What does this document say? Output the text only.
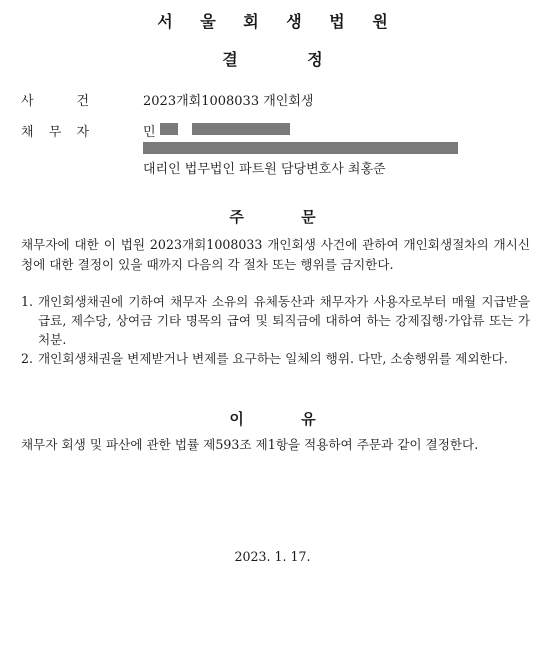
서 울 회 생 법 원
결 정
사	건	2023개회1008033 개인회생
채 무 자	민
대리인 법무법인 파트원 담당변호사 최홍준
주 문
채무자에 대한 이 법원 2023개회1008033 개인회생 사건에 관하여 개인회생절차의 개시신청에 대한 결정이 있을 때까지 다음의 각 절차 또는 행위를 금지한다.
1. 개인회생채권에 기하여 채무자 소유의 유체동산과 채무자가 사용자로부터 매월 지급받을 급료, 제수당, 상여금 기타 명목의 급여 및 퇴직금에 대하여 하는 강제집행·가압류 또는 가처분.
2. 개인회생채권을 변제받거나 변제를 요구하는 일체의 행위. 다만, 소송행위를 제외한다.
이 유
채무자 회생 및 파산에 관한 법률 제593조 제1항을 적용하여 주문과 같이 결정한다.
2023. 1. 17.
